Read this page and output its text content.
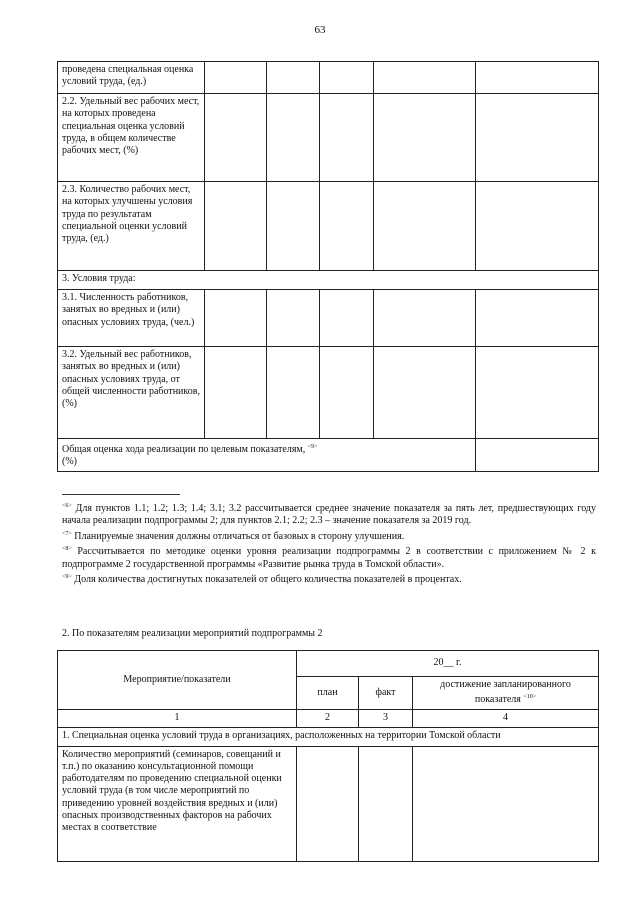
63
проведена специальная оценка условий труда, (ед.)					
2.2. Удельный вес рабочих мест, на которых проведена специальная оценка условий труда, в общем количестве рабочих мест, (%)					
2.3. Количество рабочих мест, на которых улучшены условия труда по результатам специальной оценки условий труда, (ед.)					
3. Условия труда:					
3.1. Численность работников, занятых во вредных и (или) опасных условиях труда, (чел.)					
3.2. Удельный вес работников, занятых во вредных и (или) опасных условиях труда, от общей численности работников, (%)					
Общая оценка хода реализации по целевым показателям, $^{<9>}$
(%)					

$^{<6>}$ Для пунктов 1.1; 1.2; 1.3; 1.4; 3.1; 3.2 рассчитывается среднее значение показателя за пять лет, предшествующих году начала реализации подпрограммы 2; для пунктов 2.1; 2.2; 2.3 – значение показателя за 2019 год.

$^{<7>}$ Планируемые значения должны отличаться от базовых в сторону улучшения.

$^{<8>}$ Рассчитывается по методике оценки уровня реализации подпрограммы 2 в соответствии с приложением № 2 к подпрограмме 2 государственной программы «Развитие рынка труда в Томской области».

$^{<9>}$ Доля количества достигнутых показателей от общего количества показателей в процентах.

2. По показателям реализации мероприятий подпрограммы 2
Мероприятие/показатели	20__ г.		
	план	факт	достижение запланированного показателя $^{<10>}$
1	2	3	4
1. Специальная оценка условий труда в организациях, расположенных на территории Томской области			
Количество мероприятий (семинаров, совещаний и т.п.) по оказанию консультационной помощи работодателям по проведению специальной оценки условий труда (в том числе мероприятий по приведению уровней воздействия вредных и (или) опасных производственных факторов на рабочих местах в соответствие			
